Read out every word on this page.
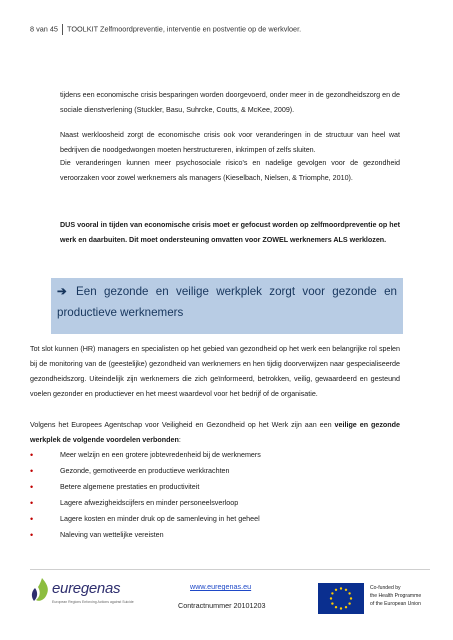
8 van 45 TOOLKIT Zelfmoordpreventie, interventie en postventie op de werkvloer.
tijdens een economische crisis besparingen worden doorgevoerd, onder meer in de gezondheidszorg en de sociale dienstverlening (Stuckler, Basu, Suhrcke, Coutts, & McKee, 2009).
Naast werkloosheid zorgt de economische crisis ook voor veranderingen in de structuur van heel wat bedrijven die noodgedwongen moeten herstructureren, inkrimpen of zelfs sluiten.
Die veranderingen kunnen meer psychosociale risico's en nadelige gevolgen voor de gezondheid veroorzaken voor zowel werknemers als managers (Kieselbach, Nielsen, & Triomphe, 2010).
DUS vooral in tijden van economische crisis moet er gefocust worden op zelfmoordpreventie op het werk en daarbuiten. Dit moet ondersteuning omvatten voor ZOWEL werknemers ALS werklozen.
➔ Een gezonde en veilige werkplek zorgt voor gezonde en productieve werknemers
Tot slot kunnen (HR) managers en specialisten op het gebied van gezondheid op het werk een belangrijke rol spelen bij de monitoring van de (geestelijke) gezondheid van werknemers en hen tijdig doorverwijzen naar gespecialiseerde gezondheidszorg. Uiteindelijk zijn werknemers die zich geïnformeerd, betrokken, veilig, gewaardeerd en gesteund voelen gezonder en productiever en het meest waardevol voor het bedrijf of de organisatie.
Volgens het Europees Agentschap voor Veiligheid en Gezondheid op het Werk zijn aan een veilige en gezonde werkplek de volgende voordelen verbonden:
•	Meer welzijn en een grotere jobtevredenheid bij de werknemers
•	Gezonde, gemotiveerde en productieve werkkrachten
•	Betere algemene prestaties en productiviteit
•	Lagere afwezigheidscijfers en minder personeelsverloop
•	Lagere kosten en minder druk op de samenleving in het geheel
•	Naleving van wettelijke vereisten
euregenas
European Regions Enforcing Actions against Suicide
www.euregenas.eu
Contractnummer 20101203
Co-funded by
the Health Programme
of the European Union
